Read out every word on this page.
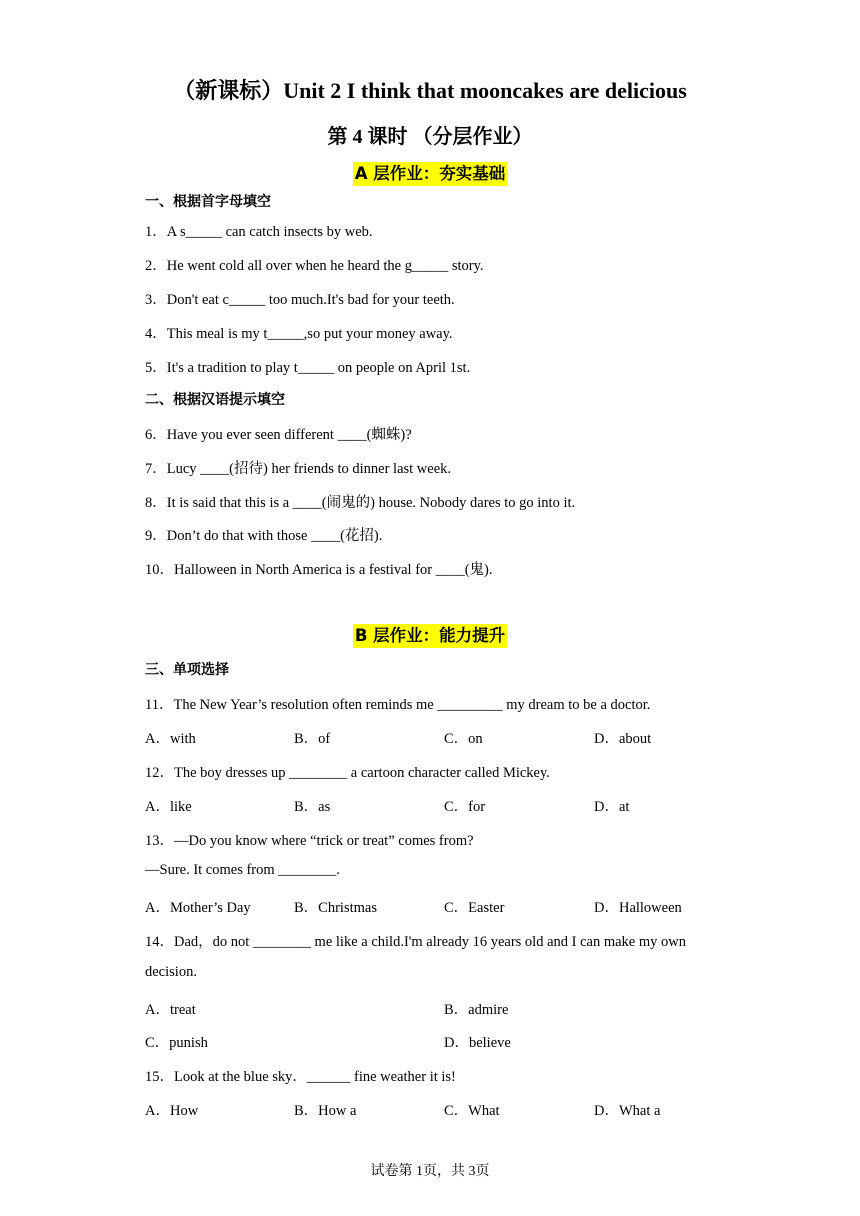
（新课标）Unit 2 I think that mooncakes are delicious
第 4 课时 （分层作业）
A 层作业：夯实基础
一、根据首字母填空
1．A s_____ can catch insects by web.
2．He went cold all over when he heard the g_____ story.
3．Don't eat c_____ too much.It's bad for your teeth.
4．This meal is my t_____,so put your money away.
5．It's a tradition to play t_____ on people on April 1st.
二、根据汉语提示填空
6．Have you ever seen different ____(蜘蛛)?
7．Lucy ____(招待) her friends to dinner last week.
8．It is said that this is a ____(闹鬼的) house. Nobody dares to go into it.
9．Don’t do that with those ____(花招).
10．Halloween in North America is a festival for ____(鬼).
B 层作业：能力提升
三、单项选择
11．The New Year’s resolution often reminds me _________ my dream to be a doctor.
A．with	B．of	C．on	D．about
12．The boy dresses up ________ a cartoon character called Mickey.
A．like	B．as	C．for	D．at
13．—Do you know where “trick or treat” comes from?
—Sure. It comes from ________.
A．Mother’s Day	B．Christmas	C．Easter	D．Halloween
14．Dad，do not ________ me like a child.I'm already 16 years old and I can make my own
decision.
A．treat	B．admire
C．punish	D．believe
15．Look at the blue sky．______ fine weather it is!
A．How	B．How a	C．What	D．What a
试卷第 1页，共 3页
